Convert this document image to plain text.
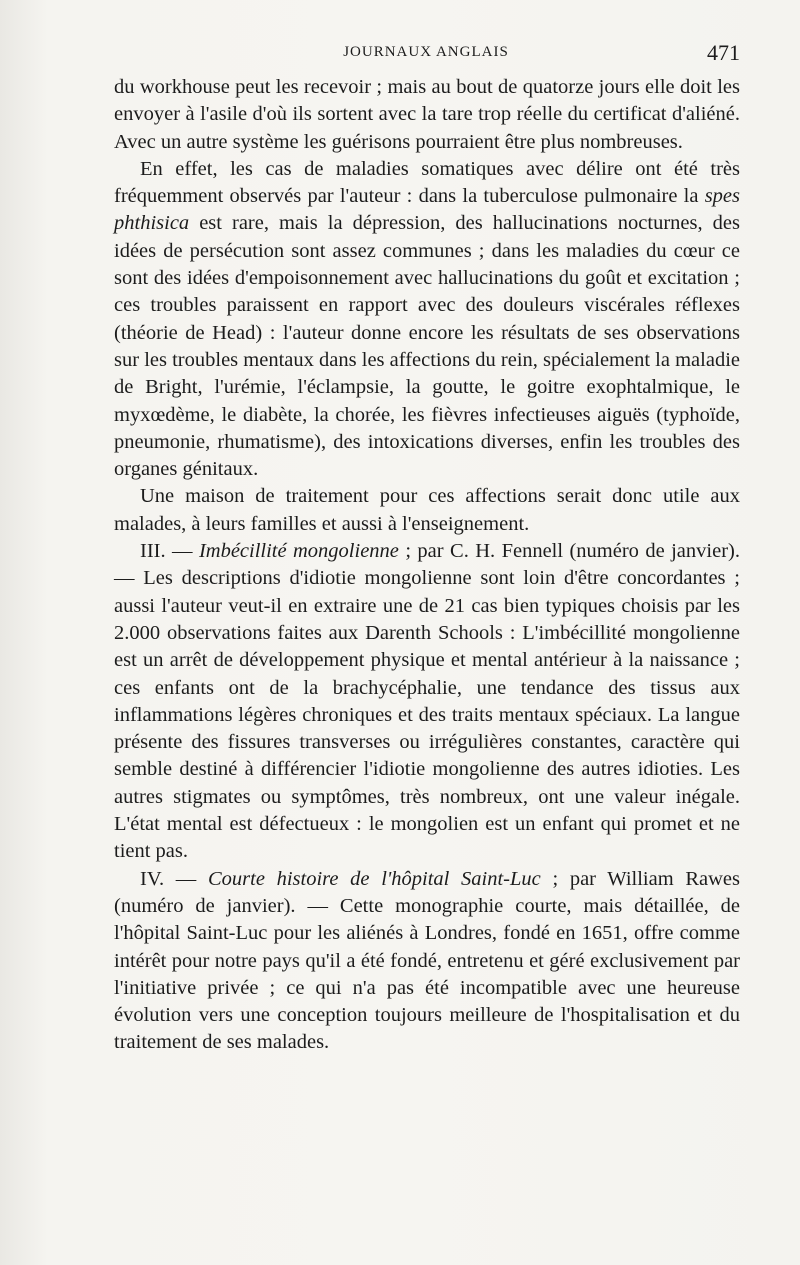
JOURNAUX ANGLAIS	471

du workhouse peut les recevoir ; mais au bout de quatorze jours elle doit les envoyer à l'asile d'où ils sortent avec la tare trop réelle du certificat d'aliéné. Avec un autre système les guérisons pourraient être plus nombreuses.

En effet, les cas de maladies somatiques avec délire ont été très fréquemment observés par l'auteur : dans la tuberculose pulmonaire la spes phthisica est rare, mais la dépression, des hallucinations nocturnes, des idées de persécution sont assez communes ; dans les maladies du cœur ce sont des idées d'empoisonnement avec hallucinations du goût et excitation ; ces troubles paraissent en rapport avec des douleurs viscérales réflexes (théorie de Head) : l'auteur donne encore les résultats de ses observations sur les troubles mentaux dans les affections du rein, spécialement la maladie de Bright, l'urémie, l'éclampsie, la goutte, le goitre exophtalmique, le myxœdème, le diabète, la chorée, les fièvres infectieuses aiguës (typhoïde, pneumonie, rhumatisme), des intoxications diverses, enfin les troubles des organes génitaux.

Une maison de traitement pour ces affections serait donc utile aux malades, à leurs familles et aussi à l'enseignement.

III. — Imbécillité mongolienne ; par C. H. Fennell (numéro de janvier). — Les descriptions d'idiotie mongolienne sont loin d'être concordantes ; aussi l'auteur veut-il en extraire une de 21 cas bien typiques choisis par les 2.000 observations faites aux Darenth Schools : L'imbécillité mongolienne est un arrêt de développement physique et mental antérieur à la naissance ; ces enfants ont de la brachycéphalie, une tendance des tissus aux inflammations légères chroniques et des traits mentaux spéciaux. La langue présente des fissures transverses ou irrégulières constantes, caractère qui semble destiné à différencier l'idiotie mongolienne des autres idioties. Les autres stigmates ou symptômes, très nombreux, ont une valeur inégale. L'état mental est défectueux : le mongolien est un enfant qui promet et ne tient pas.

IV. — Courte histoire de l'hôpital Saint-Luc ; par William Rawes (numéro de janvier). — Cette monographie courte, mais détaillée, de l'hôpital Saint-Luc pour les aliénés à Londres, fondé en 1651, offre comme intérêt pour notre pays qu'il a été fondé, entretenu et géré exclusivement par l'initiative privée ; ce qui n'a pas été incompatible avec une heureuse évolution vers une conception toujours meilleure de l'hospitalisation et du traitement de ses malades.
